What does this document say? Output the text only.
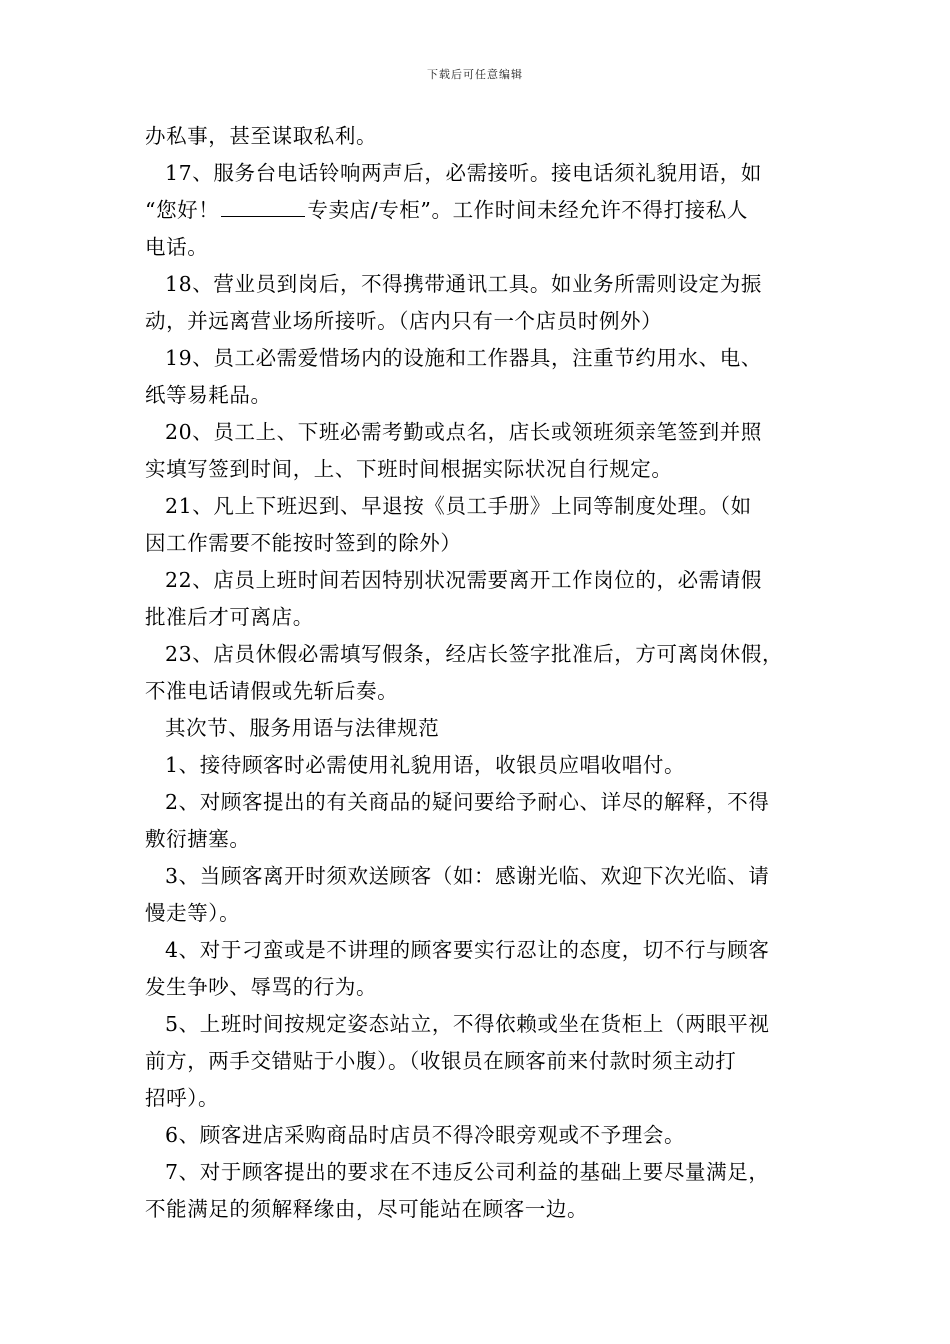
下载后可任意编辑
办私事，甚至谋取私利。
17、服务台电话铃响两声后，必需接听。接电话须礼貌用语，如
“您好！	专卖店/专柜”。工作时间未经允许不得打接私人
电话。
18、营业员到岗后，不得携带通讯工具。如业务所需则设定为振
动，并远离营业场所接听。（店内只有一个店员时例外）
19、员工必需爱惜场内的设施和工作器具，注重节约用水、电、
纸等易耗品。
20、员工上、下班必需考勤或点名，店长或领班须亲笔签到并照
实填写签到时间，上、下班时间根据实际状况自行规定。
21、凡上下班迟到、早退按《员工手册》上同等制度处理。（如
因工作需要不能按时签到的除外）
22、店员上班时间若因特别状况需要离开工作岗位的，必需请假
批准后才可离店。
23、店员休假必需填写假条，经店长签字批准后，方可离岗休假，
不准电话请假或先斩后奏。
其次节、服务用语与法律规范
1、接待顾客时必需使用礼貌用语，收银员应唱收唱付。
2、对顾客提出的有关商品的疑问要给予耐心、详尽的解释，不得
敷衍搪塞。
3、当顾客离开时须欢送顾客（如：感谢光临、欢迎下次光临、请
慢走等）。
4、对于刁蛮或是不讲理的顾客要实行忍让的态度，切不行与顾客
发生争吵、辱骂的行为。
5、上班时间按规定姿态站立，不得依赖或坐在货柜上（两眼平视
前方，两手交错贴于小腹）。（收银员在顾客前来付款时须主动打
招呼）。
6、顾客进店采购商品时店员不得冷眼旁观或不予理会。
7、对于顾客提出的要求在不违反公司利益的基础上要尽量满足，
不能满足的须解释缘由，尽可能站在顾客一边。
